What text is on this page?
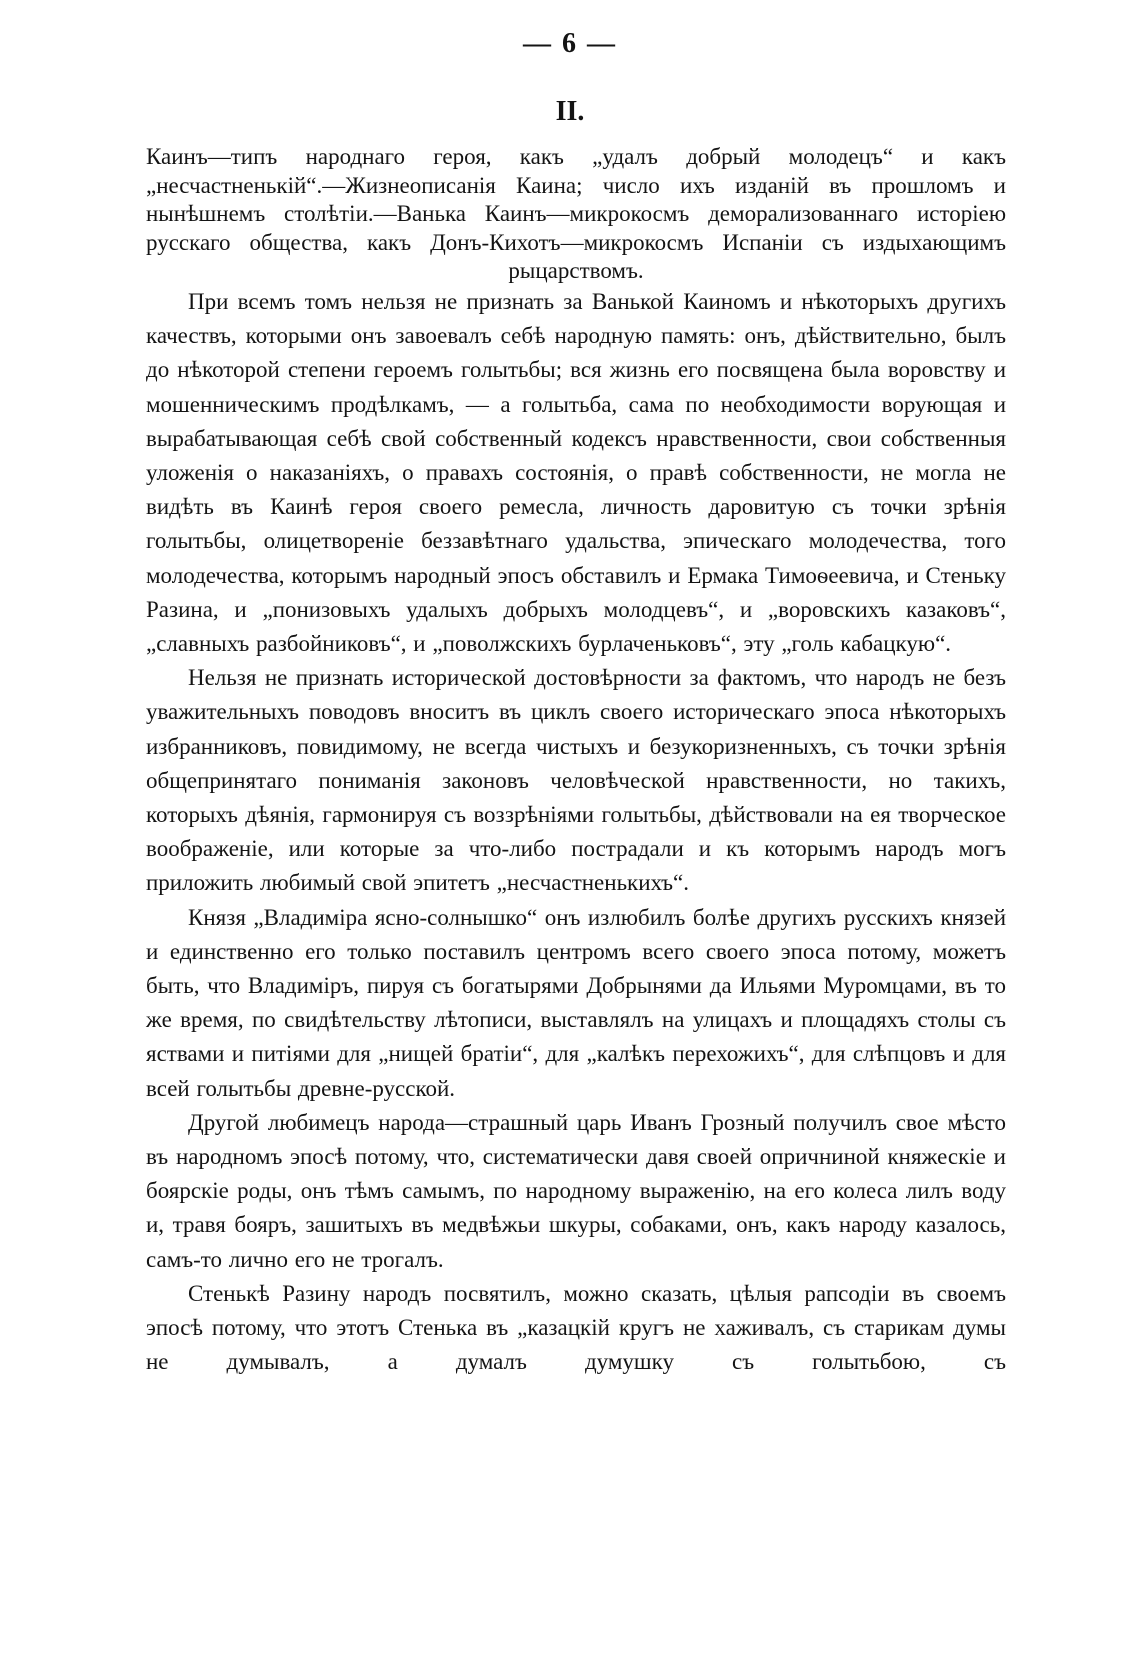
— 6 —
II.
Каинъ—типъ народнаго героя, какъ „удалъ добрый молодецъ“ и какъ „несчастненькій“.—Жизнеописанія Каина; число ихъ изданій въ прошломъ и нынѣшнемъ столѣтіи.—Ванька Каинъ—микрокосмъ деморализованнаго исторіею русскаго общества, какъ Донъ-Кихотъ—микрокосмъ Испаніи съ издыхающимъ рыцарствомъ.

При всемъ томъ нельзя не признать за Ванькой Каиномъ и нѣкоторыхъ другихъ качествъ, которыми онъ завоевалъ себѣ народную память: онъ, дѣйствительно, былъ до нѣкоторой степени героемъ голытьбы; вся жизнь его посвящена была воровству и мошенническимъ продѣлкамъ, — а голытьба, сама по необходимости ворующая и вырабатывающая себѣ свой собственный кодексъ нравственности, свои собственныя уложенія о наказаніяхъ, о правахъ состоянія, о правѣ собственности, не могла не видѣть въ Каинѣ героя своего ремесла, личность даровитую съ точки зрѣнія голытьбы, олицетвореніе беззавѣтнаго удальства, эпическаго молодечества, того молодечества, которымъ народный эпосъ обставилъ и Ермака Тимоѳеевича, и Стеньку Разина, и „понизовыхъ удалыхъ добрыхъ молодцевъ“, и „воровскихъ казаковъ“, „славныхъ разбойниковъ“, и „поволжскихъ бурлаченьковъ“, эту „голь кабацкую“.

Нельзя не признать исторической достовѣрности за фактомъ, что народъ не безъ уважительныхъ поводовъ вноситъ въ циклъ своего историческаго эпоса нѣкоторыхъ избранниковъ, повидимому, не всегда чистыхъ и безукоризненныхъ, съ точки зрѣнія общепринятаго пониманія законовъ человѣческой нравственности, но такихъ, которыхъ дѣянія, гармонируя съ воззрѣніями голытьбы, дѣйствовали на ея творческое воображеніе, или которые за что-либо пострадали и къ которымъ народъ могъ приложить любимый свой эпитетъ „несчастненькихъ“.

Князя „Владиміра ясно-солнышко“ онъ излюбилъ болѣе другихъ русскихъ князей и единственно его только поставилъ центромъ всего своего эпоса потому, можетъ быть, что Владиміръ, пируя съ богатырями Добрынями да Ильями Муромцами, въ то же время, по свидѣтельству лѣтописи, выставлялъ на улицахъ и площадяхъ столы съ яствами и питіями для „нищей братіи“, для „калѣкъ перехожихъ“, для слѣпцовъ и для всей голытьбы древне-русской.

Другой любимецъ народа—страшный царь Иванъ Грозный получилъ свое мѣсто въ народномъ эпосѣ потому, что, систематически давя своей опричниной княжескіе и боярскіе роды, онъ тѣмъ самымъ, по народному выраженію, на его колеса лилъ воду и, травя бояръ, зашитыхъ въ медвѣжьи шкуры, собаками, онъ, какъ народу казалось, самъ-то лично его не трогалъ.

Стенькѣ Разину народъ посвятилъ, можно сказать, цѣлыя рапсодіи въ своемъ эпосѣ потому, что этотъ Стенька въ „казацкій кругъ не хаживалъ, съ старикам думы не думывалъ, а думалъ думушку съ голытьбою, съ
